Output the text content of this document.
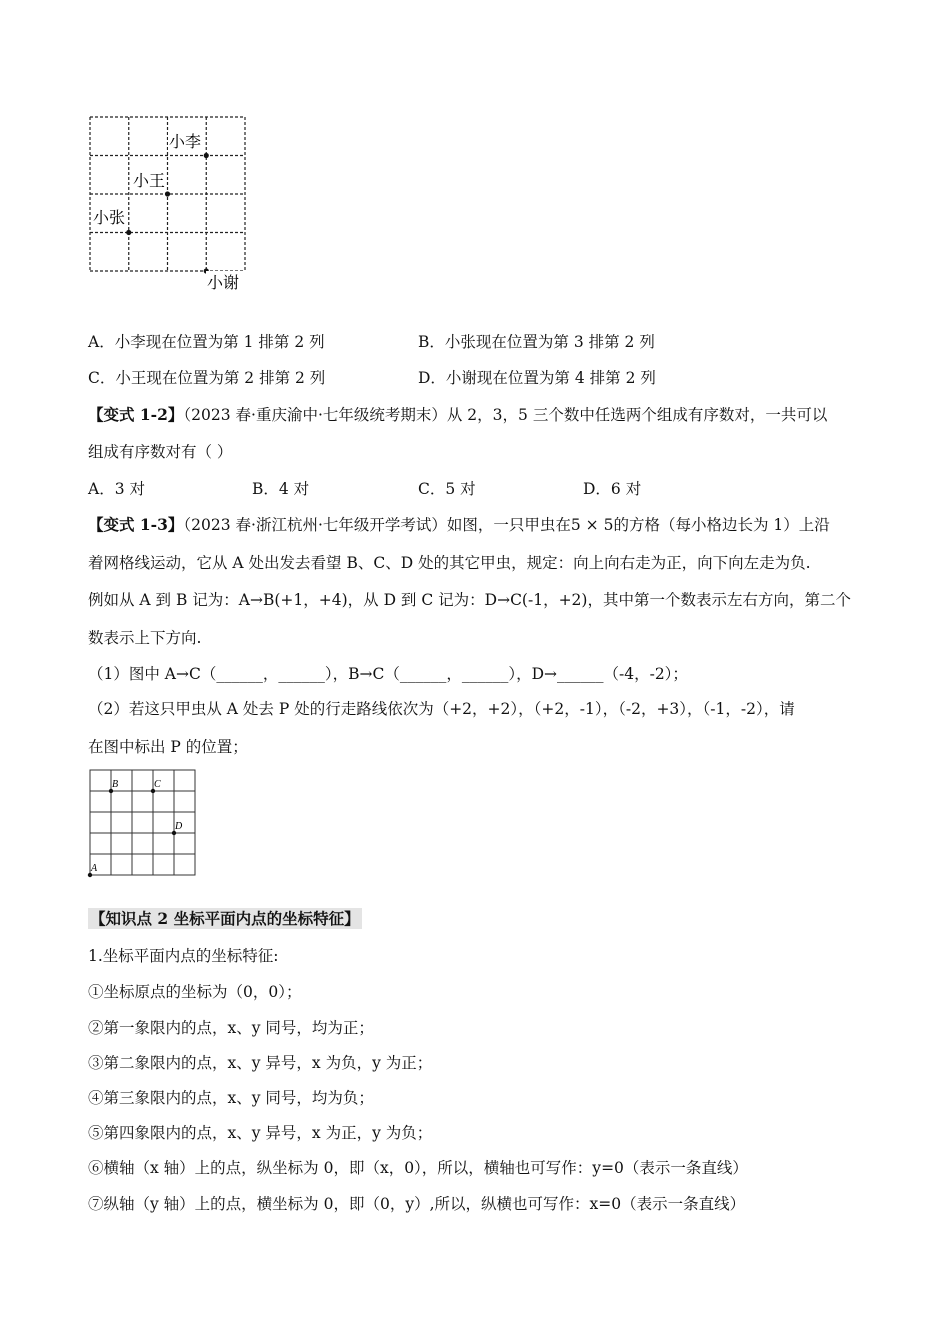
小李
小王
小张
小谢
A．小李现在位置为第 1 排第 2 列	B．小张现在位置为第 3 排第 2 列
C．小王现在位置为第 2 排第 2 列	D．小谢现在位置为第 4 排第 2 列
【变式 1-2】（2023 春·重庆渝中·七年级统考期末）从 2，3，5 三个数中任选两个组成有序数对，一共可以
组成有序数对有（ ）
A．3 对	B．4 对	C．5 对	D．6 对
【变式 1-3】（2023 春·浙江杭州·七年级开学考试）如图，一只甲虫在5 × 5的方格（每小格边长为 1）上沿
着网格线运动，它从 A 处出发去看望 B、C、D 处的其它甲虫，规定：向上向右走为正，向下向左走为负.
例如从 A 到 B 记为：A→B(+1，+4)，从 D 到 C 记为：D→C(-1，+2)，其中第一个数表示左右方向，第二个
数表示上下方向.
（1）图中 A→C（______，______），B→C（______，______），D→______（-4，-2）；
（2）若这只甲虫从 A 处去 P 处的行走路线依次为（+2，+2），（+2，-1），（-2，+3），（-1，-2），请
在图中标出 P 的位置；
B	C
D
A
【知识点 2 坐标平面内点的坐标特征】
1.坐标平面内点的坐标特征:
①坐标原点的坐标为（0，0）；
②第一象限内的点，x、y 同号，均为正；
③第二象限内的点，x、y 异号，x 为负，y 为正；
④第三象限内的点，x、y 同号，均为负；
⑤第四象限内的点，x、y 异号，x 为正，y 为负；
⑥横轴（x 轴）上的点，纵坐标为 0，即（x，0），所以，横轴也可写作：y=0（表示一条直线）
⑦纵轴（y 轴）上的点，横坐标为 0，即（0，y）,所以，纵横也可写作：x=0（表示一条直线）
